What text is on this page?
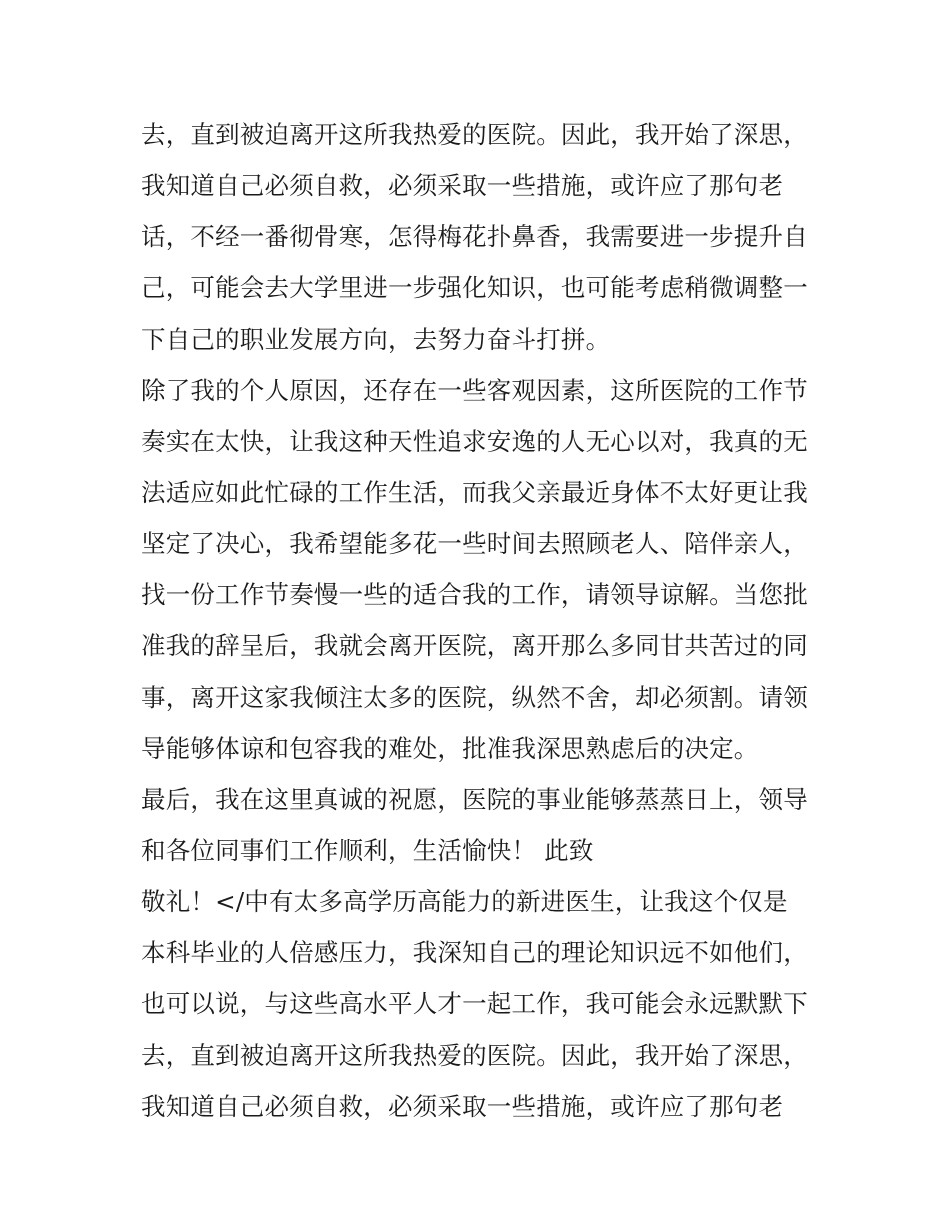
去，直到被迫离开这所我热爱的医院。因此，我开始了深思，
我知道自己必须自救，必须采取一些措施，或许应了那句老
话，不经一番彻骨寒，怎得梅花扑鼻香，我需要进一步提升自
己，可能会去大学里进一步强化知识，也可能考虑稍微调整一
下自己的职业发展方向，去努力奋斗打拼。
除了我的个人原因，还存在一些客观因素，这所医院的工作节
奏实在太快，让我这种天性追求安逸的人无心以对，我真的无
法适应如此忙碌的工作生活，而我父亲最近身体不太好更让我
坚定了决心，我希望能多花一些时间去照顾老人、陪伴亲人，
找一份工作节奏慢一些的适合我的工作，请领导谅解。当您批
准我的辞呈后，我就会离开医院，离开那么多同甘共苦过的同
事，离开这家我倾注太多的医院，纵然不舍，却必须割。请领
导能够体谅和包容我的难处，批准我深思熟虑后的决定。
最后，我在这里真诚的祝愿，医院的事业能够蒸蒸日上，领导
和各位同事们工作顺利，生活愉快！ 此致
敬礼！</中有太多高学历高能力的新进医生，让我这个仅是
本科毕业的人倍感压力，我深知自己的理论知识远不如他们，
也可以说，与这些高水平人才一起工作，我可能会永远默默下
去，直到被迫离开这所我热爱的医院。因此，我开始了深思，
我知道自己必须自救，必须采取一些措施，或许应了那句老
